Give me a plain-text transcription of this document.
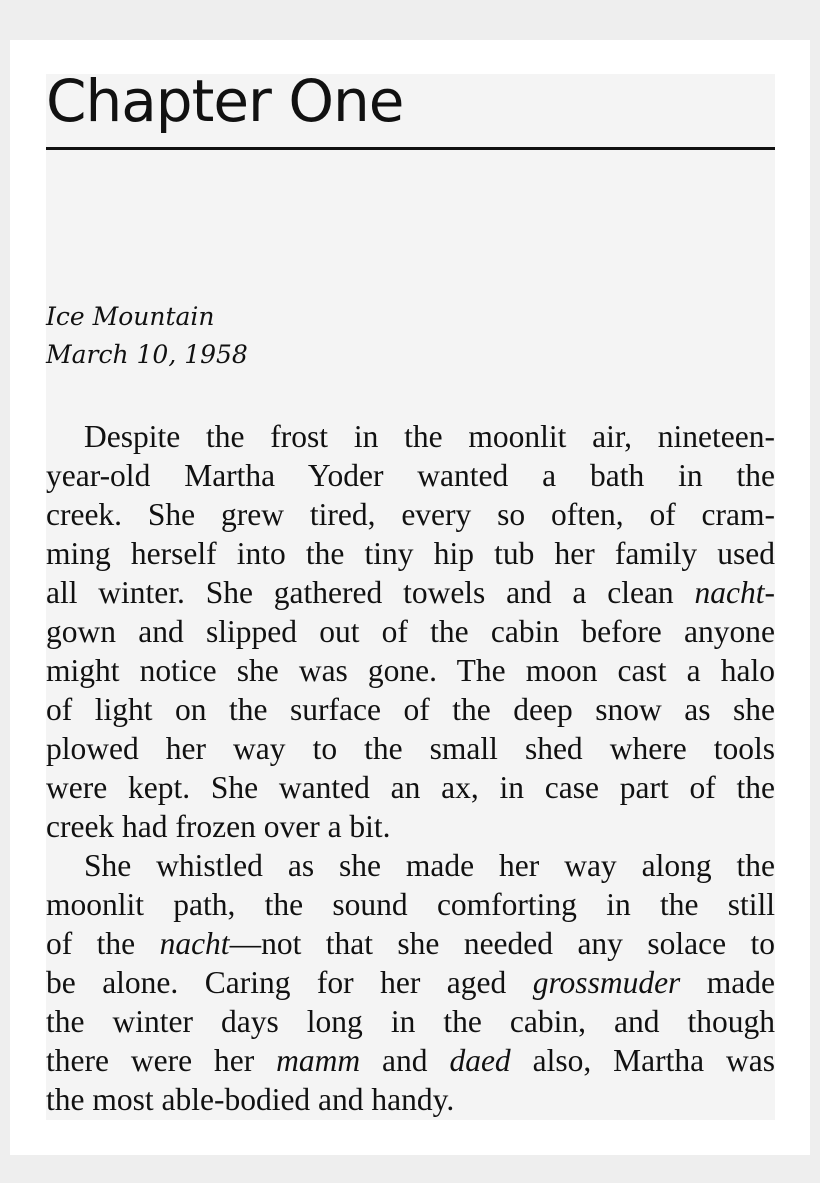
Chapter One
Ice Mountain
March 10, 1958

Despite the frost in the moonlit air, nineteen-
year-old Martha Yoder wanted a bath in the
creek. She grew tired, every so often, of cram-
ming herself into the tiny hip tub her family used
all winter. She gathered towels and a clean nacht-
gown and slipped out of the cabin before anyone
might notice she was gone. The moon cast a halo
of light on the surface of the deep snow as she
plowed her way to the small shed where tools
were kept. She wanted an ax, in case part of the
creek had frozen over a bit.

She whistled as she made her way along the
moonlit path, the sound comforting in the still
of the nacht—not that she needed any solace to
be alone. Caring for her aged grossmuder made
the winter days long in the cabin, and though
there were her mamm and daed also, Martha was
the most able-bodied and handy.
